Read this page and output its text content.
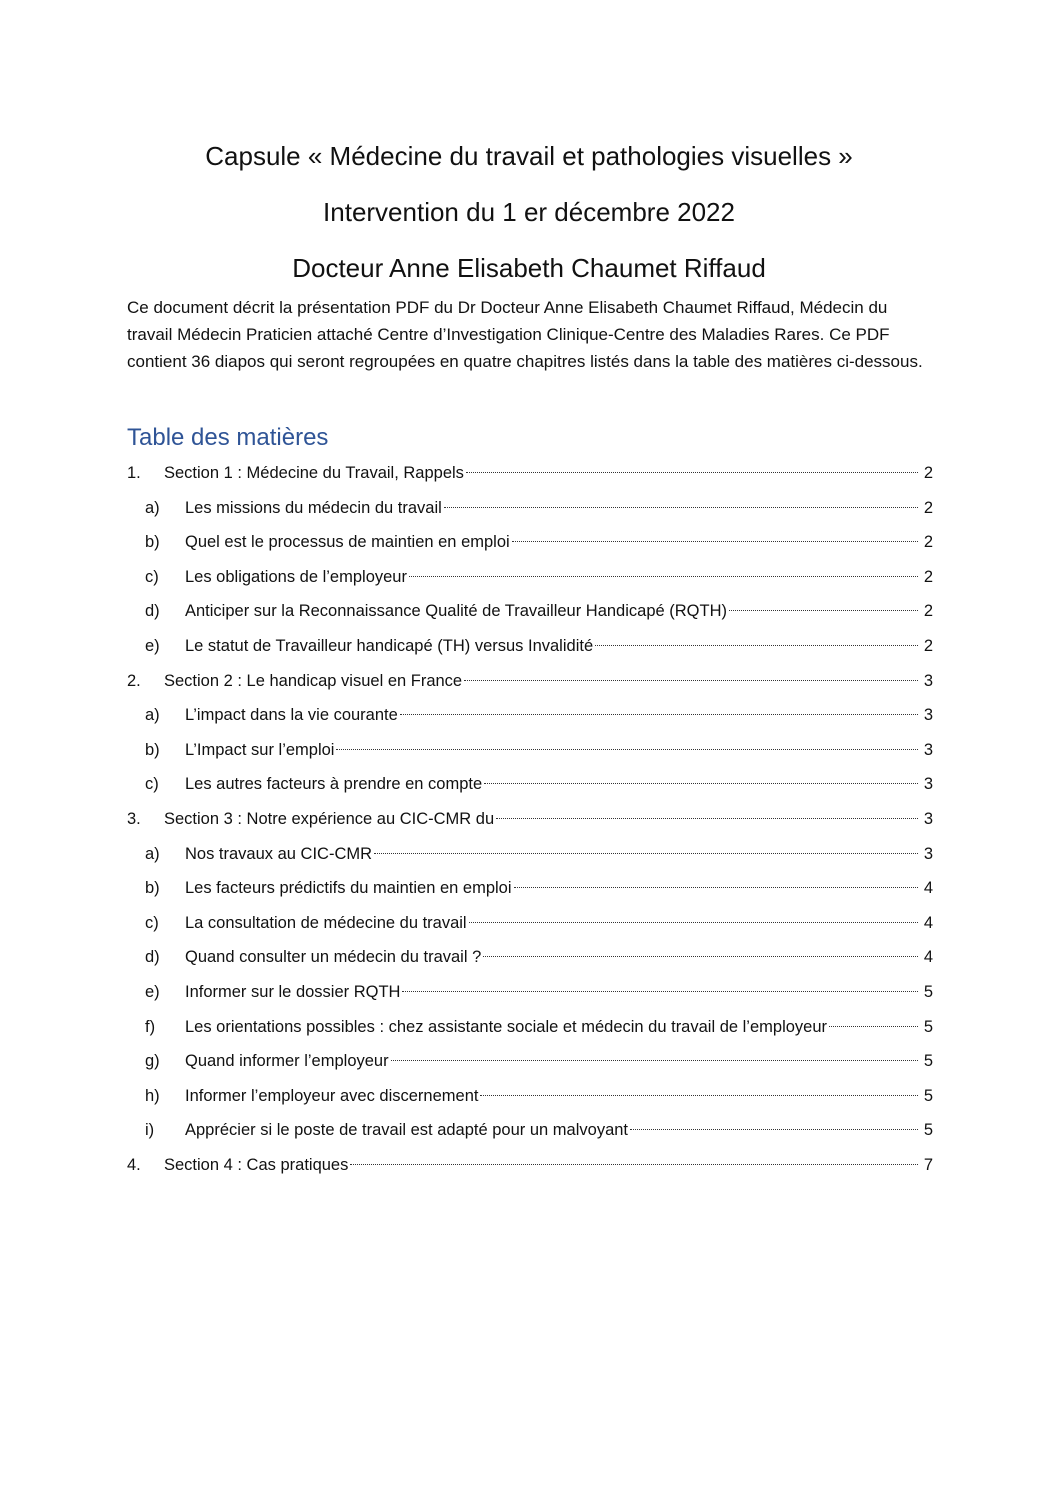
Capsule « Médecine du travail et pathologies visuelles »
Intervention du 1 er décembre 2022
Docteur Anne Elisabeth Chaumet Riffaud
Ce document décrit la présentation PDF du Dr Docteur Anne Elisabeth Chaumet Riffaud, Médecin du travail Médecin Praticien attaché Centre d’Investigation Clinique-Centre des Maladies Rares. Ce PDF contient 36 diapos qui seront regroupées en quatre chapitres listés dans la table des matières ci-dessous.
Table des matières
1.	Section 1 : Médecine du Travail, Rappels	2
a)	Les missions du médecin du travail	2
b)	Quel est le processus de maintien en emploi	2
c)	Les obligations de l’employeur	2
d)	Anticiper sur la Reconnaissance Qualité de Travailleur Handicapé (RQTH)	2
e)	Le statut de Travailleur handicapé (TH) versus Invalidité	2
2.	Section 2 : Le handicap visuel en France	3
a)	L’impact dans la vie courante	3
b)	L’Impact sur l’emploi	3
c)	Les autres facteurs à prendre en compte	3
3.	Section 3 : Notre expérience au CIC-CMR du	3
a)	Nos travaux au CIC-CMR	3
b)	Les facteurs prédictifs du maintien en emploi	4
c)	La consultation de médecine du travail	4
d)	Quand consulter un médecin du travail ?	4
e)	Informer sur le dossier RQTH	5
f)	Les orientations possibles : chez assistante sociale et médecin du travail de l’employeur	5
g)	Quand informer l’employeur	5
h)	Informer l’employeur avec discernement	5
i)	Apprécier si le poste de travail est adapté pour un malvoyant	5
4.	Section 4 : Cas pratiques	7
